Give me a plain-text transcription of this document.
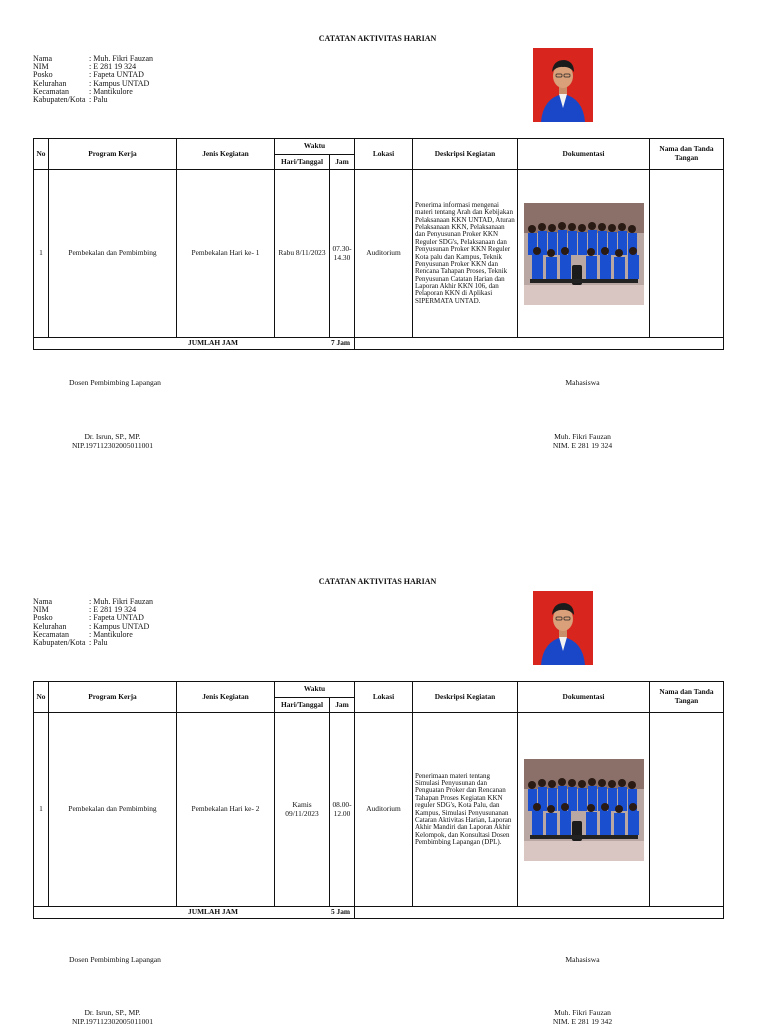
CATATAN AKTIVITAS HARIAN
Nama	: Muh. Fikri Fauzan
NIM	: E 281 19 324
Posko	: Fapeta UNTAD
Kelurahan	: Kampus UNTAD
Kecamatan	: Mantikulore
Kabupaten/Kota : Palu
No	Program Kerja	Jenis Kegiatan	Waktu		Lokasi	Deskripsi Kegiatan	Dokumentasi	Nama dan Tanda Tangan
			Hari/Tanggal	Jam				
1	Pembekalan dan Pembimbing	Pembekalan Hari ke- 1	Rabu 8/11/2023	07.30-14.30	Auditorium	Penerima informasi mengenai materi tentang Arah dan Kebijakan Pelaksanaan KKN UNTAD, Aturan Pelaksanaan KKN, Pelaksanaan dan Penyusunan Proker KKN Reguler SDG's, Pelaksanaan dan Penyusunan Proker KKN Reguler Kota palu dan Kampus, Teknik Penyusunan Proker KKN dan Rencana Tahapan Proses, Teknik Penyusunan Catatan Harian dan Laporan Akhir KKN 106, dan Pelaporan KKN di Aplikasi SIPERMATA UNTAD.	

JUMLAH JAM									7 Jam
Dosen Pembimbing Lapangan
Dr. Isrun, SP., MP.
NIP.197112302005011001
Mahasiswa
Muh. Fikri Fauzan
NIM. E 281 19 324
CATATAN AKTIVITAS HARIAN
Nama	: Muh. Fikri Fauzan
NIM	: E 281 19 324
Posko	: Fapeta UNTAD
Kelurahan	: Kampus UNTAD
Kecamatan	: Mantikulore
Kabupaten/Kota : Palu
No	Program Kerja	Jenis Kegiatan	Waktu		Lokasi	Deskripsi Kegiatan	Dokumentasi	Nama dan Tanda Tangan
			Hari/Tanggal	Jam				
1	Pembekalan dan Pembimbing	Pembekalan Hari ke- 2	Kamis 09/11/2023	08.00-12.00	Auditorium	Penerimaan materi tentang Simulasi Penyusunan dan Penguatan Proker dan Rencanan Tahapan Proses Kegiatan KKN reguler SDG's, Kota Palu, dan Kampus, Simulasi Penyusunanan Cataran Aktivitas Harian, Laporan Akhir Mandiri dan Laporan Akhir Kelompok, dan Konsultasi Dosen Pembimbing Lapangan (DPL).	

JUMLAH JAM									5 Jam
Dosen Pembimbing Lapangan
Dr. Isrun, SP., MP.
NIP.197112302005011001
Mahasiswa
Muh. Fikri Fauzan
NIM. E 281 19 342
